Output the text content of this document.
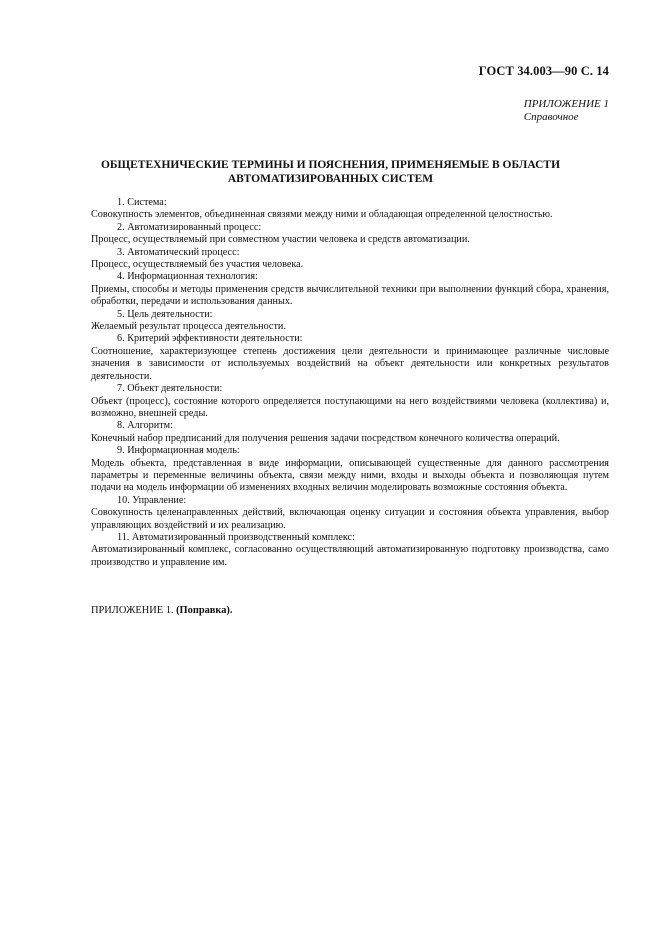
ГОСТ 34.003—90 С. 14
ПРИЛОЖЕНИЕ 1
Справочное
ОБЩЕТЕХНИЧЕСКИЕ ТЕРМИНЫ И ПОЯСНЕНИЯ, ПРИМЕНЯЕМЫЕ В ОБЛАСТИ
АВТОМАТИЗИРОВАННЫХ СИСТЕМ

1. Система:

Совокупность элементов, объединенная связями между ними и обладающая определенной целостностью.

2. Автоматизированный процесс:

Процесс, осуществляемый при совместном участии человека и средств автоматизации.

3. Автоматический процесс:

Процесс, осуществляемый без участия человека.

4. Информационная технология:

Приемы, способы и методы применения средств вычислительной техники при выполнении функций сбора, хранения, обработки, передачи и использования данных.

5. Цель деятельности:

Желаемый результат процесса деятельности.

6. Критерий эффективности деятельности:

Соотношение, характеризующее степень достижения цели деятельности и принимающее различные числовые значения в зависимости от используемых воздействий на объект деятельности или конкретных результатов деятельности.

7. Объект деятельности:

Объект (процесс), состояние которого определяется поступающими на него воздействиями человека (коллектива) и, возможно, внешней среды.

8. Алгоритм:

Конечный набор предписаний для получения решения задачи посредством конечного количества операций.

9. Информационная модель:

Модель объекта, представленная в виде информации, описывающей существенные для данного рассмотрения параметры и переменные величины объекта, связи между ними, входы и выходы объекта и позволяющая путем подачи на модель информации об изменениях входных величин моделировать возможные состояния объекта.

10. Управление:

Совокупность целенаправленных действий, включающая оценку ситуации и состояния объекта управления, выбор управляющих воздействий и их реализацию.

11. Автоматизированный производственный комплекс:

Автоматизированный комплекс, согласованно осуществляющий автоматизированную подготовку производства, само производство и управление им.

ПРИЛОЖЕНИЕ 1. (Поправка).
